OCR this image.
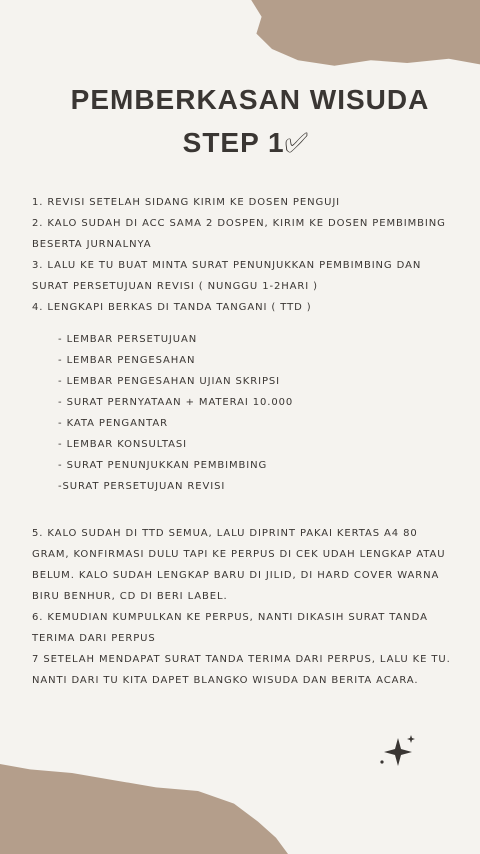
PEMBERKASAN WISUDA
STEP 1✅︎

1. REVISI SETELAH SIDANG KIRIM KE DOSEN PENGUJI

2. KALO SUDAH DI ACC SAMA 2 DOSPEN, KIRIM KE DOSEN PEMBIMBING BESERTA JURNALNYA

3. LALU KE TU BUAT MINTA SURAT PENUNJUKKAN PEMBIMBING DAN SURAT PERSETUJUAN REVISI ( NUNGGU 1-2HARI )

4. LENGKAPI BERKAS DI TANDA TANGANI ( TTD )

- LEMBAR PERSETUJUAN
- LEMBAR PENGESAHAN
- LEMBAR PENGESAHAN UJIAN SKRIPSI
- SURAT PERNYATAAN + MATERAI 10.000
- KATA PENGANTAR
- LEMBAR KONSULTASI
- SURAT PENUNJUKKAN PEMBIMBING
-SURAT PERSETUJUAN REVISI

5. KALO SUDAH DI TTD SEMUA, LALU DIPRINT PAKAI KERTAS A4 80 GRAM, KONFIRMASI DULU TAPI KE PERPUS DI CEK UDAH LENGKAP ATAU BELUM. KALO SUDAH LENGKAP BARU DI JILID, DI HARD COVER WARNA BIRU BENHUR, CD DI BERI LABEL.

6. KEMUDIAN KUMPULKAN KE PERPUS, NANTI DIKASIH SURAT TANDA TERIMA DARI PERPUS

7 SETELAH MENDAPAT SURAT TANDA TERIMA DARI PERPUS, LALU KE TU. NANTI DARI TU KITA DAPET BLANGKO WISUDA DAN BERITA ACARA.
